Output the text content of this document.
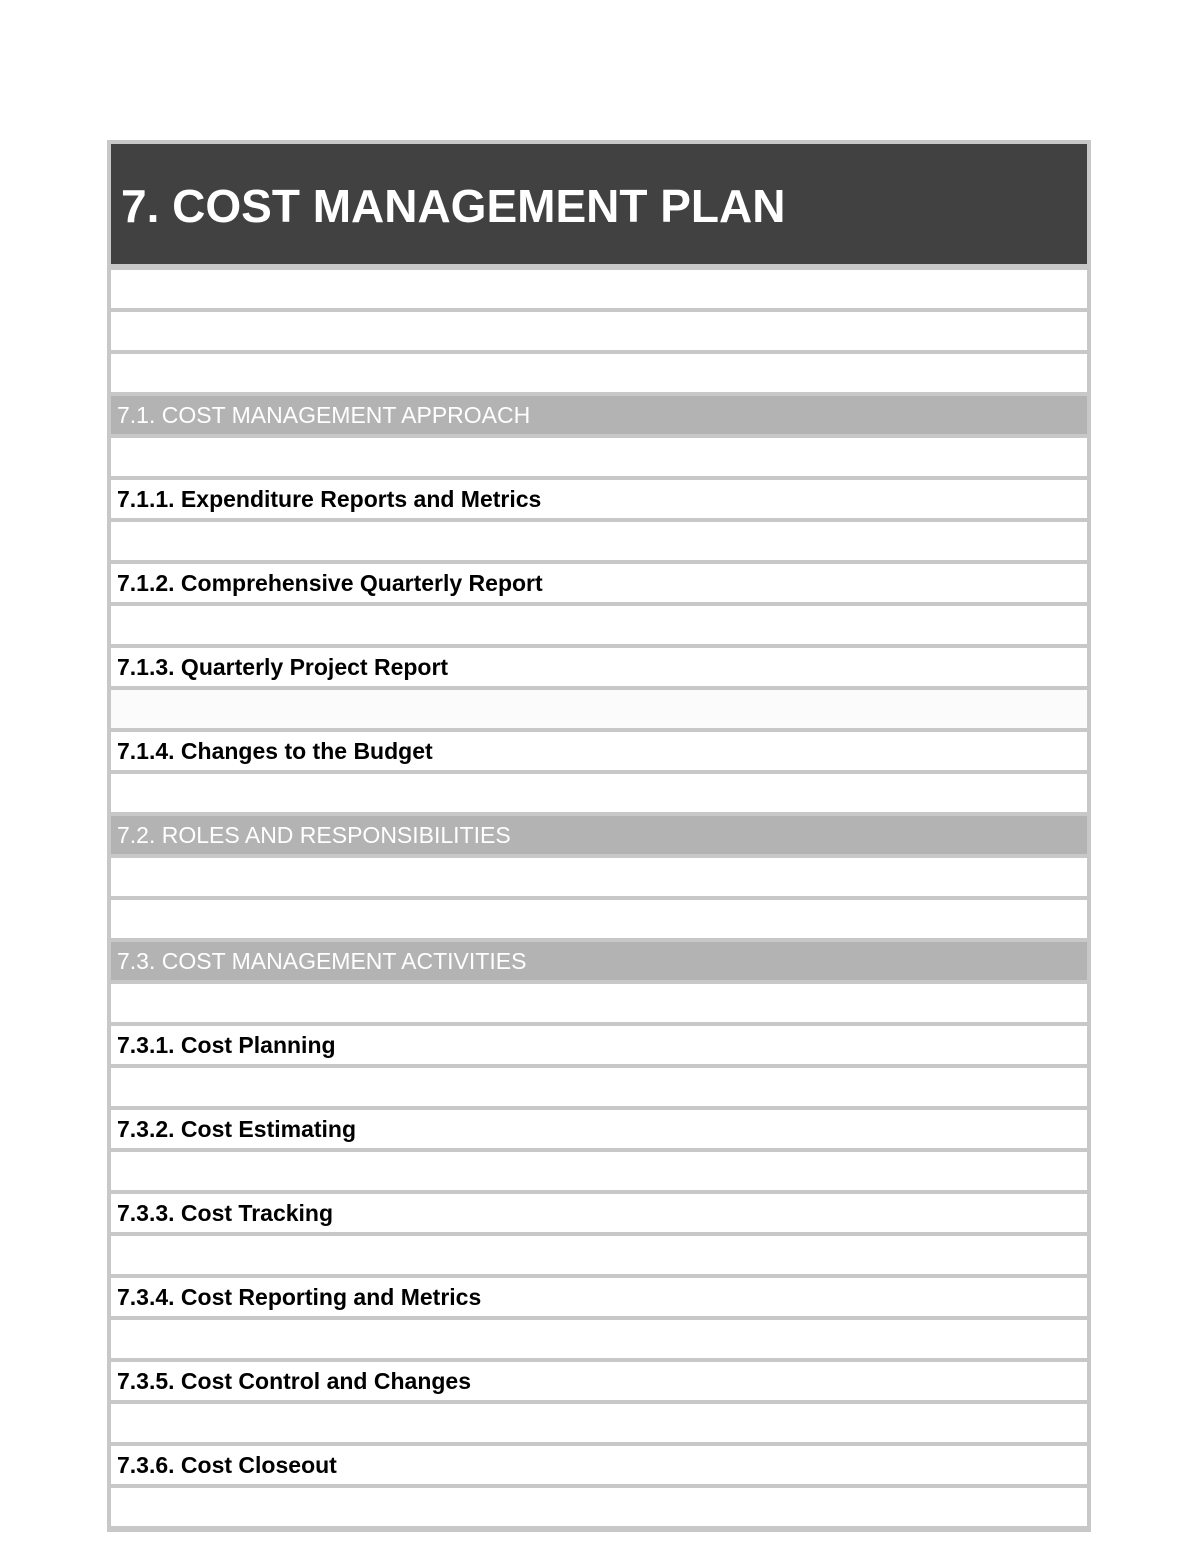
7. COST MANAGEMENT PLAN
7.1. COST MANAGEMENT APPROACH
7.1.1. Expenditure Reports and Metrics
7.1.2. Comprehensive Quarterly Report
7.1.3. Quarterly Project Report
7.1.4. Changes to the Budget
7.2. ROLES AND RESPONSIBILITIES
7.3. COST MANAGEMENT ACTIVITIES
7.3.1. Cost Planning
7.3.2. Cost Estimating
7.3.3. Cost Tracking
7.3.4. Cost Reporting and Metrics
7.3.5. Cost Control and Changes
7.3.6. Cost Closeout
